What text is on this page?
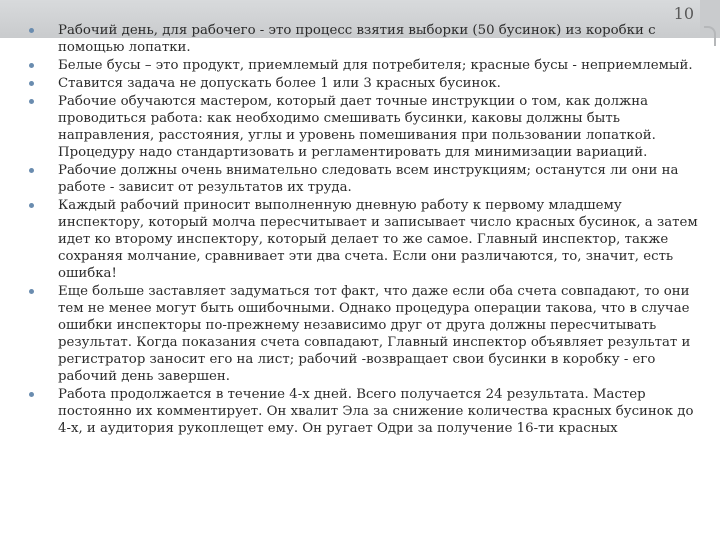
10
Рабочий день, для рабочего - это процесс взятия выборки (50 бусинок) из коробки с помощью лопатки.
Белые бусы – это продукт, приемлемый для потребителя; красные бусы - неприемлемый.
Ставится задача не допускать более 1 или 3 красных бусинок.
Рабочие обучаются мастером, который дает точные инструкции о том, как должна проводиться работа: как необходимо смешивать бусинки, каковы должны быть направления, расстояния, углы и уровень помешивания при пользовании лопаткой. Процедуру надо стандартизовать и регламентировать для минимизации вариаций.
Рабочие должны очень внимательно следовать всем инструкциям; останутся ли они на работе - зависит от результатов их труда.
Каждый рабочий приносит выполненную дневную работу к первому младшему инспектору, который молча пересчитывает и записывает число красных бусинок, а затем идет ко второму инспектору, который делает то же самое. Главный инспектор, также сохраняя молчание, сравнивает эти два счета. Если они различаются, то, значит, есть ошибка!
Еще больше заставляет задуматься тот факт, что даже если оба счета совпадают, то они тем не менее могут быть ошибочными. Однако процедура операции такова, что в случае ошибки инспекторы по-прежнему независимо друг от друга должны пересчитывать результат. Когда показания счета совпадают, Главный инспектор объявляет результат и регистратор заносит его на лист; рабочий -возвращает свои бусинки в коробку - его рабочий день завершен.
Работа продолжается в течение 4-х дней. Всего получается 24 результата. Мастер постоянно их комментирует. Он хвалит Эла за снижение количества красных бусинок до 4-х, и аудитория рукоплещет ему. Он ругает Одри за получение 16-ти красных
